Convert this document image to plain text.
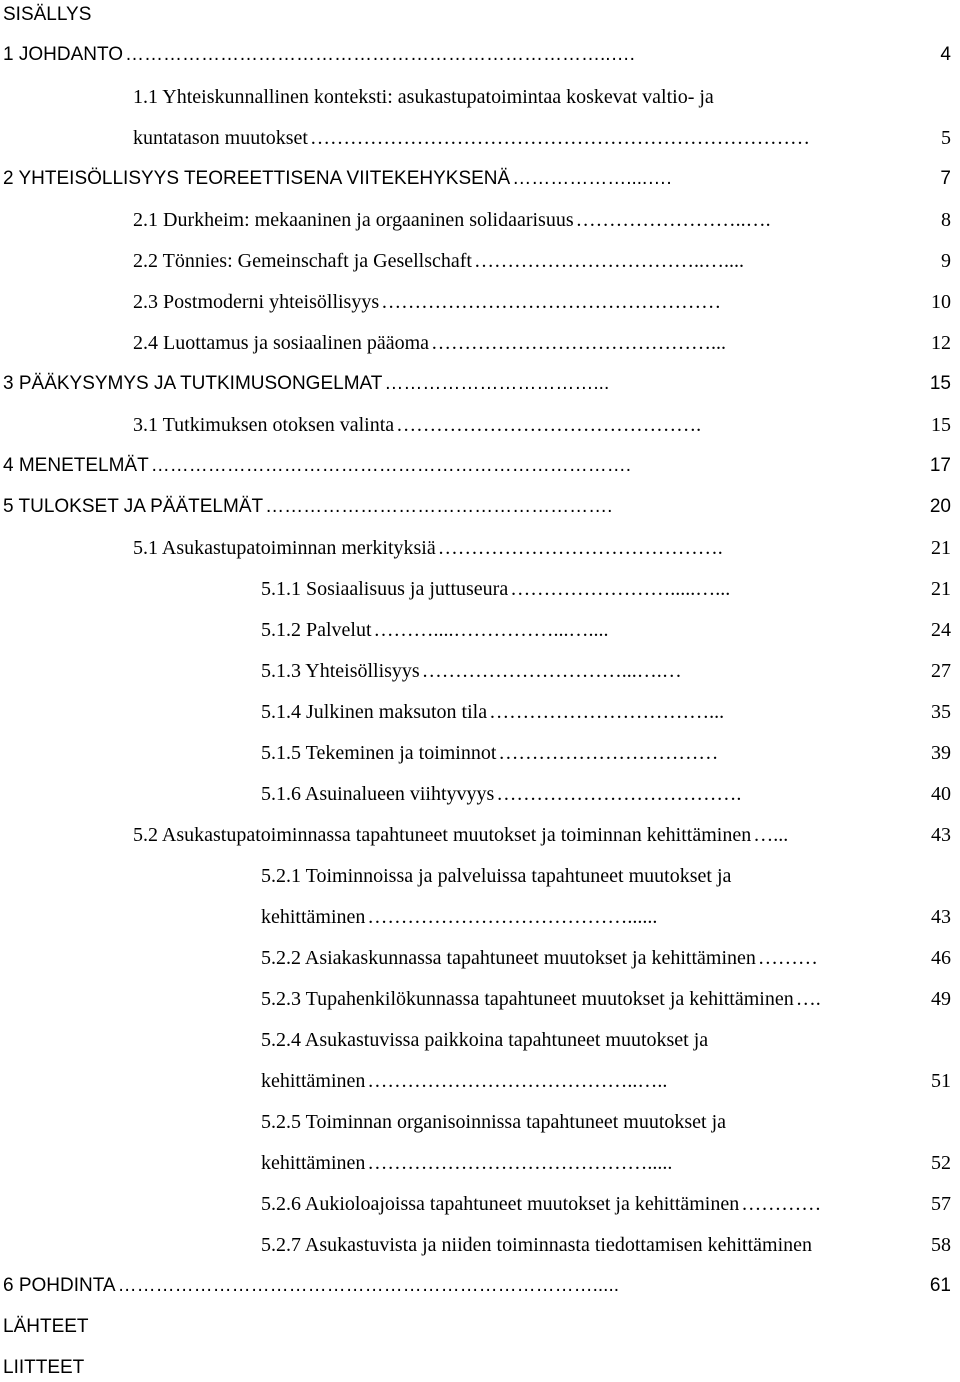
SISÄLLYS
1 JOHDANTO …………………………………………………………………..….	4
1.1 Yhteiskunnallinen konteksti: asukastupatoimintaa koskevat valtio- ja
kuntatason muutokset …………………………………………………………………	5
2 YHTEISÖLLISYYS TEOREETTISENA VIITEKEHYKSENÄ ………………....….	7
2.1 Durkheim: mekaaninen ja orgaaninen solidaarisuus ……………………..….	8
2.2 Tönnies: Gemeinschaft ja Gesellschaft ……………………………..…....	9
2.3 Postmoderni yhteisöllisyys ……………………………………………	10
2.4 Luottamus ja sosiaalinen pääoma ……………………………………...	12
3 PÄÄKYSYMYS JA TUTKIMUSONGELMAT ……………………………...	15
3.1 Tutkimuksen otoksen valinta ……………………………………….	15
4 MENETELMÄT ………………………………………………………………….	17
5 TULOKSET JA PÄÄTELMÄT ……………………………………………….	20
5.1 Asukastupatoiminnan merkityksiä …………………………………….	21
5.1.1 Sosiaalisuus ja juttuseura …………………….....…...	21
5.1.2 Palvelut ………....……………...…....	24
5.1.3 Yhteisöllisyys …………………………...….…	27
5.1.4 Julkinen maksuton tila ……………………………...	35
5.1.5 Tekeminen ja toiminnot ……………………………	39
5.1.6 Asuinalueen viihtyvyys ……………………………….	40
5.2 Asukastupatoiminnassa tapahtuneet muutokset ja toiminnan kehittäminen …...	43
5.2.1 Toiminnoissa ja palveluissa tapahtuneet muutokset ja
kehittäminen …………………………………......	43
5.2.2 Asiakaskunnassa tapahtuneet muutokset ja kehittäminen ………	46
5.2.3 Tupahenkilökunnassa tapahtuneet muutokset ja kehittäminen ….	49
5.2.4 Asukastuvissa paikkoina tapahtuneet muutokset ja
kehittäminen …………………………………..…..	51
5.2.5 Toiminnan organisoinnissa tapahtuneet muutokset ja
kehittäminen …………………………………….....	52
5.2.6 Aukioloajoissa tapahtuneet muutokset ja kehittäminen …………	57
5.2.7 Asukastuvista ja niiden toiminnasta tiedottamisen kehittäminen	58
6 POHDINTA ………………………………………………………………….....	61
LÄHTEET
LIITTEET
